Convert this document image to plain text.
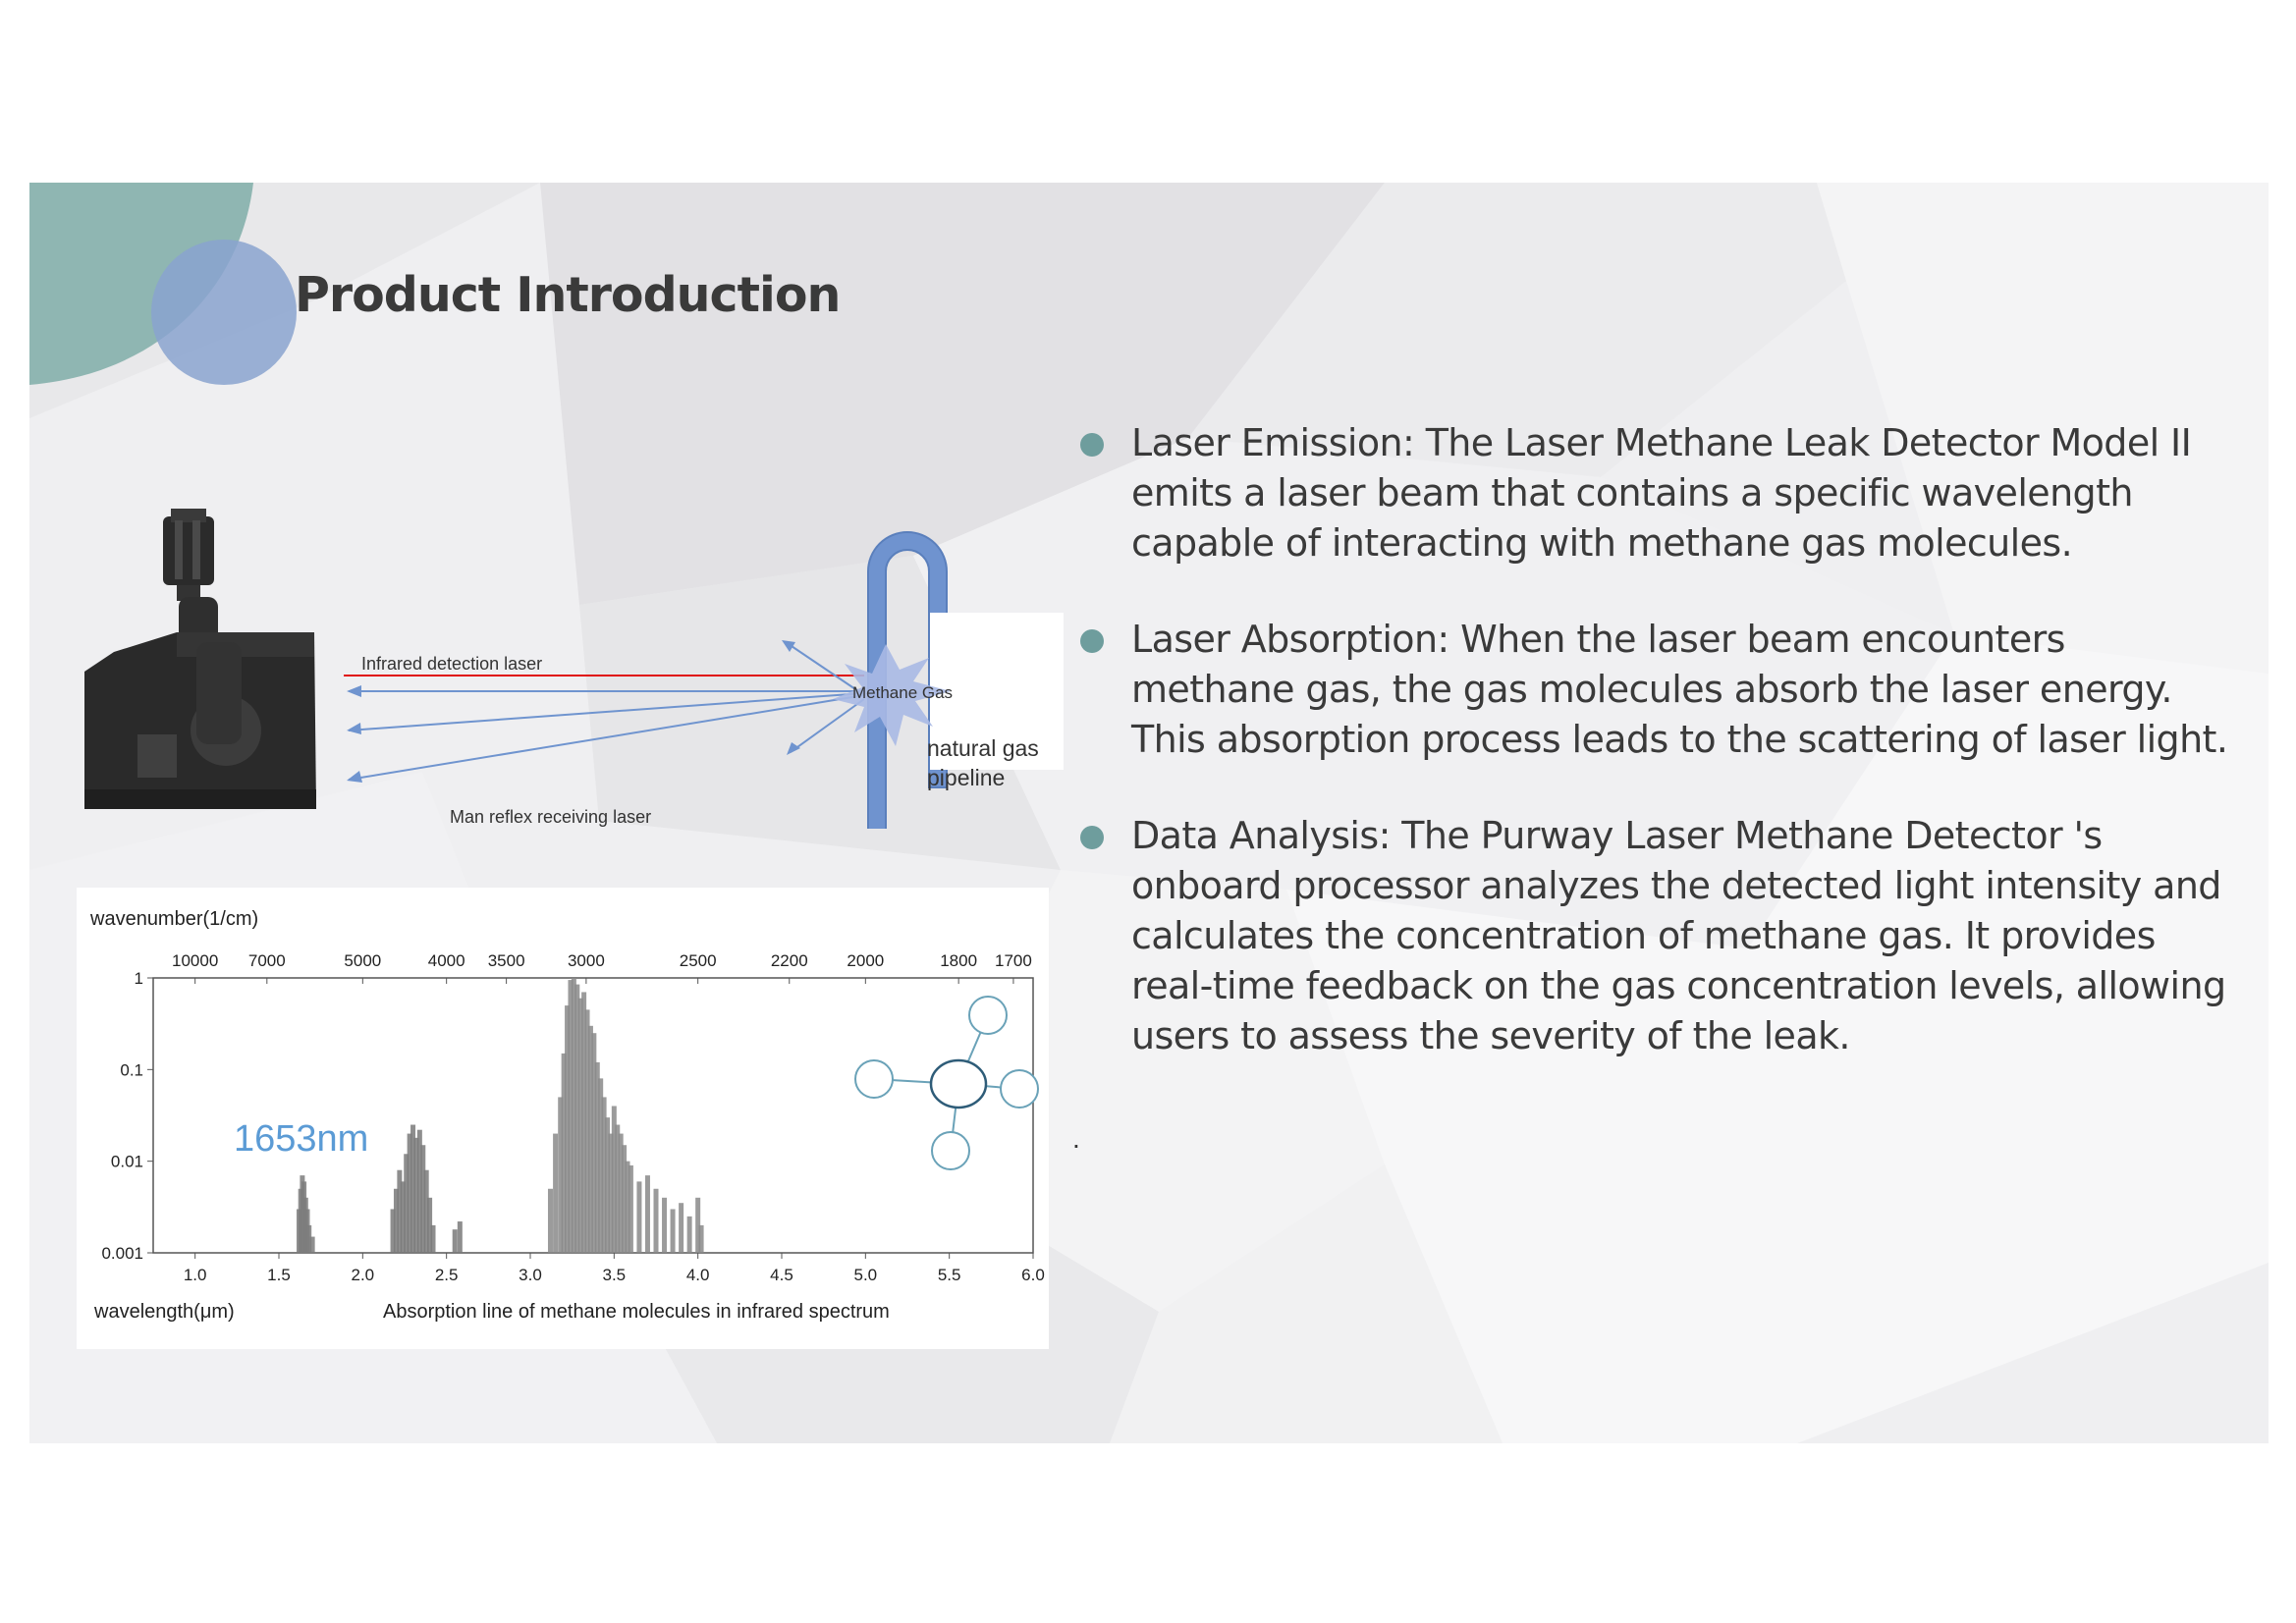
Product Introduction
Infrared detection laser
Man reflex receiving laser
Methane Gas
natural gas
pipeline
1.0	1.5	2.0	2.5	3.0	3.5	4.0	4.5	5.0	5.5	6.0
10000 7000	5000	4000 3500	3000	2500	2200 2000	1800 1700
1
0.1
0.01
0.001
1653nm
wavenumber(1/cm)
wavelength(μm)	Absorption line of methane molecules in infrared spectrum
Laser Emission: The Laser Methane Leak Detector Model II emits a laser beam that contains a specific wavelength capable of interacting with methane gas molecules.
Laser Absorption: When the laser beam encounters methane gas, the gas molecules absorb the laser energy. This absorption process leads to the scattering of laser light.
Data Analysis: The Purway Laser Methane Detector 's onboard processor analyzes the detected light intensity and calculates the concentration of methane gas. It provides real-time feedback on the gas concentration levels, allowing users to assess the severity of the leak.
.
